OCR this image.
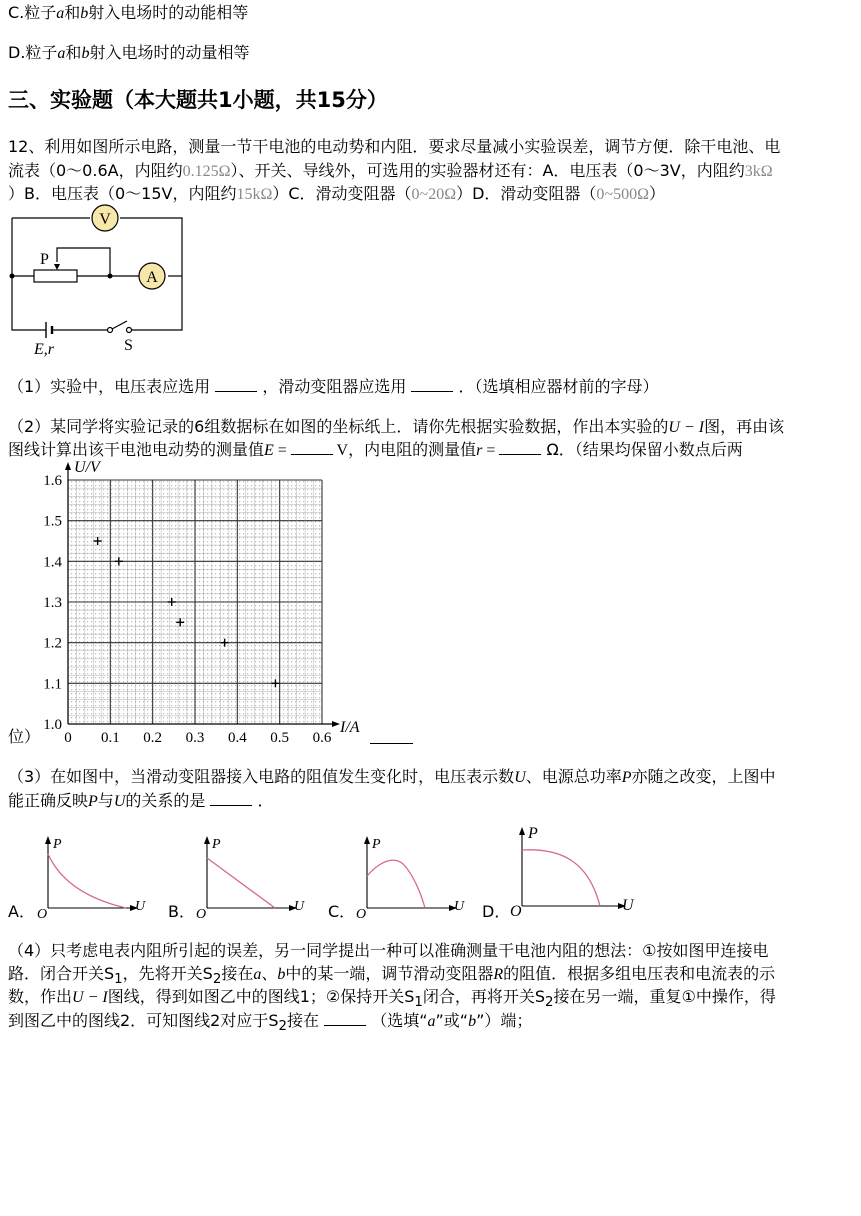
C.粒子a和b射入电场时的动能相等
D.粒子a和b射入电场时的动量相等
三、实验题（本大题共1小题，共15分）
12、利用如图所示电路，测量一节干电池的电动势和内阻．要求尽量减小实验误差，调节方便．除干电池、电
流表（0～0.6A，内阻约0.125Ω）、开关、导线外，可选用的实验器材还有：A．电压表（0～3V，内阻约3kΩ
）B．电压表（0～15V，内阻约15kΩ）C．滑动变阻器（0~20Ω）D．滑动变阻器（0~500Ω）
V
A
P
S
E,r
（1）实验中，电压表应选用	，滑动变阻器应选用	．（选填相应器材前的字母）
（2）某同学将实验记录的6组数据标在如图的坐标纸上．请你先根据实验数据，作出本实验的U − I图，再由该
图线计算出该干电池电动势的测量值E =	V，内电阻的测量值r =	Ω．（结果均保留小数点后两
1.0
1.1
1.2
1.3
1.4
1.5
1.6
0 0.1 0.2 0.3 0.4 0.5 0.6
U/V
I/A
位）
（3）在如图中，当滑动变阻器接入电路的阻值发生变化时，电压表示数U、电源总功率P亦随之改变，上图中
能正确反映P与U的关系的是	．
A．
P
U
O	B．
P
U
O	C．
P
U
O	D．
P
U
O
（4）只考虑电表内阻所引起的误差，另一同学提出一种可以准确测量干电池内阻的想法：①按如图甲连接电
路．闭合开关$S_1$，先将开关$S_2$接在a、b中的某一端，调节滑动变阻器R的阻值．根据多组电压表和电流表的示
数，作出U − I图线，得到如图乙中的图线1；②保持开关$S_1$闭合，再将开关$S_2$接在另一端，重复①中操作，得
到图乙中的图线2．可知图线2对应于$S_2$接在	（选填“a”或“b”）端；
